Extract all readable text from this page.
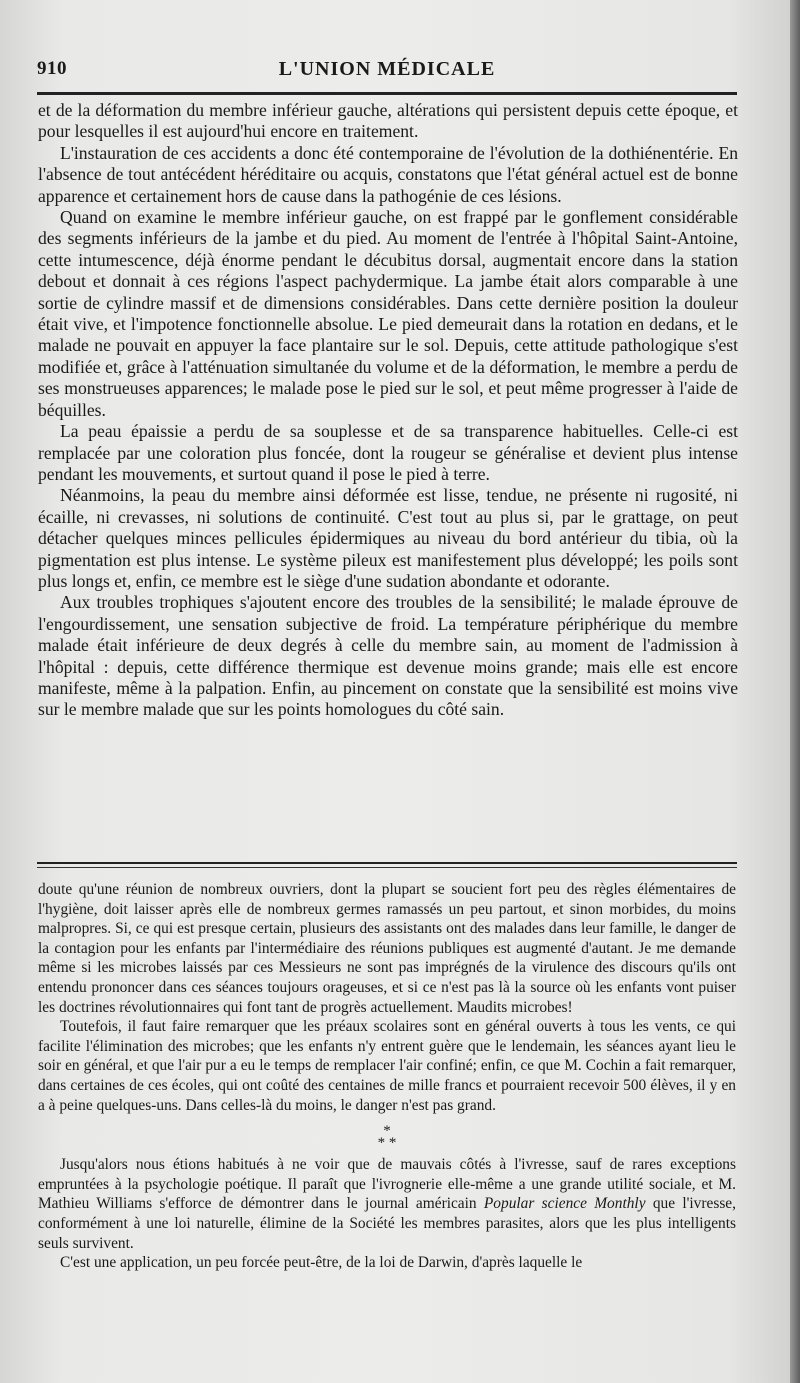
910	L'UNION MÉDICALE

et de la déformation du membre inférieur gauche, altérations qui persistent depuis cette époque, et pour lesquelles il est aujourd'hui encore en traitement.

L'instauration de ces accidents a donc été contemporaine de l'évolution de la dothiénentérie. En l'absence de tout antécédent héréditaire ou acquis, constatons que l'état général actuel est de bonne apparence et certainement hors de cause dans la pathogénie de ces lésions.

Quand on examine le membre inférieur gauche, on est frappé par le gonflement considérable des segments inférieurs de la jambe et du pied. Au moment de l'entrée à l'hôpital Saint-Antoine, cette intumescence, déjà énorme pendant le décubitus dorsal, augmentait encore dans la station debout et donnait à ces régions l'aspect pachydermique. La jambe était alors comparable à une sortie de cylindre massif et de dimensions considérables. Dans cette dernière position la douleur était vive, et l'impotence fonctionnelle absolue. Le pied demeurait dans la rotation en dedans, et le malade ne pouvait en appuyer la face plantaire sur le sol. Depuis, cette attitude pathologique s'est modifiée et, grâce à l'atténuation simultanée du volume et de la déformation, le membre a perdu de ses monstrueuses apparences; le malade pose le pied sur le sol, et peut même progresser à l'aide de béquilles.

La peau épaissie a perdu de sa souplesse et de sa transparence habituelles. Celle-ci est remplacée par une coloration plus foncée, dont la rougeur se généralise et devient plus intense pendant les mouvements, et surtout quand il pose le pied à terre.

Néanmoins, la peau du membre ainsi déformée est lisse, tendue, ne présente ni rugosité, ni écaille, ni crevasses, ni solutions de continuité. C'est tout au plus si, par le grattage, on peut détacher quelques minces pellicules épidermiques au niveau du bord antérieur du tibia, où la pigmentation est plus intense. Le système pileux est manifestement plus développé; les poils sont plus longs et, enfin, ce membre est le siège d'une sudation abondante et odorante.

Aux troubles trophiques s'ajoutent encore des troubles de la sensibilité; le malade éprouve de l'engourdissement, une sensation subjective de froid. La température périphérique du membre malade était inférieure de deux degrés à celle du membre sain, au moment de l'admission à l'hôpital : depuis, cette différence thermique est devenue moins grande; mais elle est encore manifeste, même à la palpation. Enfin, au pincement on constate que la sensibilité est moins vive sur le membre malade que sur les points homologues du côté sain.

doute qu'une réunion de nombreux ouvriers, dont la plupart se soucient fort peu des règles élémentaires de l'hygiène, doit laisser après elle de nombreux germes ramassés un peu partout, et sinon morbides, du moins malpropres. Si, ce qui est presque certain, plusieurs des assistants ont des malades dans leur famille, le danger de la contagion pour les enfants par l'intermédiaire des réunions publiques est augmenté d'autant. Je me demande même si les microbes laissés par ces Messieurs ne sont pas imprégnés de la virulence des discours qu'ils ont entendu prononcer dans ces séances toujours orageuses, et si ce n'est pas là la source où les enfants vont puiser les doctrines révolutionnaires qui font tant de progrès actuellement. Maudits microbes!

Toutefois, il faut faire remarquer que les préaux scolaires sont en général ouverts à tous les vents, ce qui facilite l'élimination des microbes; que les enfants n'y entrent guère que le lendemain, les séances ayant lieu le soir en général, et que l'air pur a eu le temps de remplacer l'air confiné; enfin, ce que M. Cochin a fait remarquer, dans certaines de ces écoles, qui ont coûté des centaines de mille francs et pourraient recevoir 500 élèves, il y en a à peine quelques-uns. Dans celles-là du moins, le danger n'est pas grand.

*
* *

Jusqu'alors nous étions habitués à ne voir que de mauvais côtés à l'ivresse, sauf de rares exceptions empruntées à la psychologie poétique. Il paraît que l'ivrognerie elle-même a une grande utilité sociale, et M. Mathieu Williams s'efforce de démontrer dans le journal américain Popular science Monthly que l'ivresse, conformément à une loi naturelle, élimine de la Société les membres parasites, alors que les plus intelligents seuls survivent.

C'est une application, un peu forcée peut-être, de la loi de Darwin, d'après laquelle le
